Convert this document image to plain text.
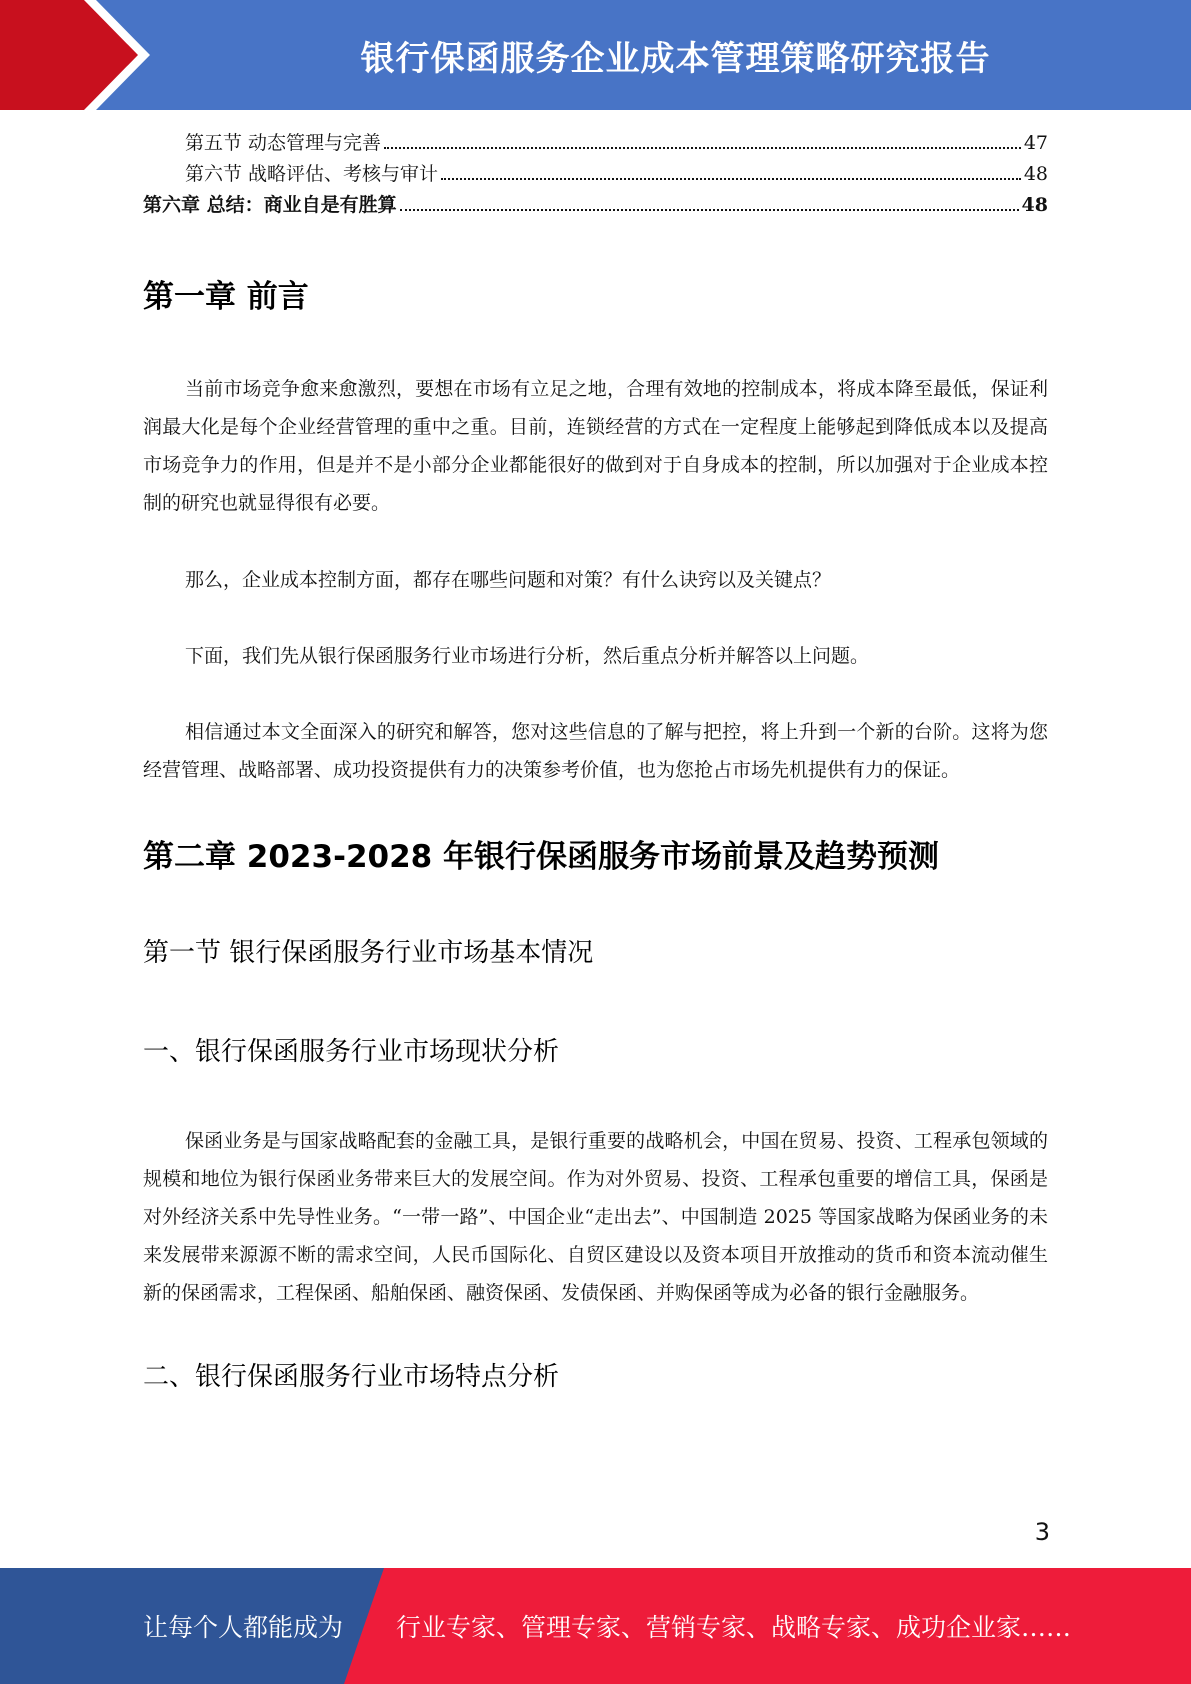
银行保函服务企业成本管理策略研究报告
第五节 动态管理与完善	47
第六节 战略评估、考核与审计	48
第六章 总结：商业自是有胜算	48
第一章 前言

当前市场竞争愈来愈激烈，要想在市场有立足之地，合理有效地的控制成本，将成本降至最低，保证利润最大化是每个企业经营管理的重中之重。目前，连锁经营的方式在一定程度上能够起到降低成本以及提高市场竞争力的作用，但是并不是小部分企业都能很好的做到对于自身成本的控制，所以加强对于企业成本控制的研究也就显得很有必要。

那么，企业成本控制方面，都存在哪些问题和对策？有什么诀窍以及关键点？

下面，我们先从银行保函服务行业市场进行分析，然后重点分析并解答以上问题。

相信通过本文全面深入的研究和解答，您对这些信息的了解与把控，将上升到一个新的台阶。这将为您经营管理、战略部署、成功投资提供有力的决策参考价值，也为您抢占市场先机提供有力的保证。

第二章 2023-2028 年银行保函服务市场前景及趋势预测
第一节 银行保函服务行业市场基本情况
一、银行保函服务行业市场现状分析

保函业务是与国家战略配套的金融工具，是银行重要的战略机会，中国在贸易、投资、工程承包领域的规模和地位为银行保函业务带来巨大的发展空间。作为对外贸易、投资、工程承包重要的增信工具，保函是对外经济关系中先导性业务。“一带一路”、中国企业“走出去”、中国制造 2025 等国家战略为保函业务的未来发展带来源源不断的需求空间，人民币国际化、自贸区建设以及资本项目开放推动的货币和资本流动催生新的保函需求，工程保函、船舶保函、融资保函、发债保函、并购保函等成为必备的银行金融服务。

二、银行保函服务行业市场特点分析
3
让每个人都能成为 行业专家、管理专家、营销专家、战略专家、成功企业家……
